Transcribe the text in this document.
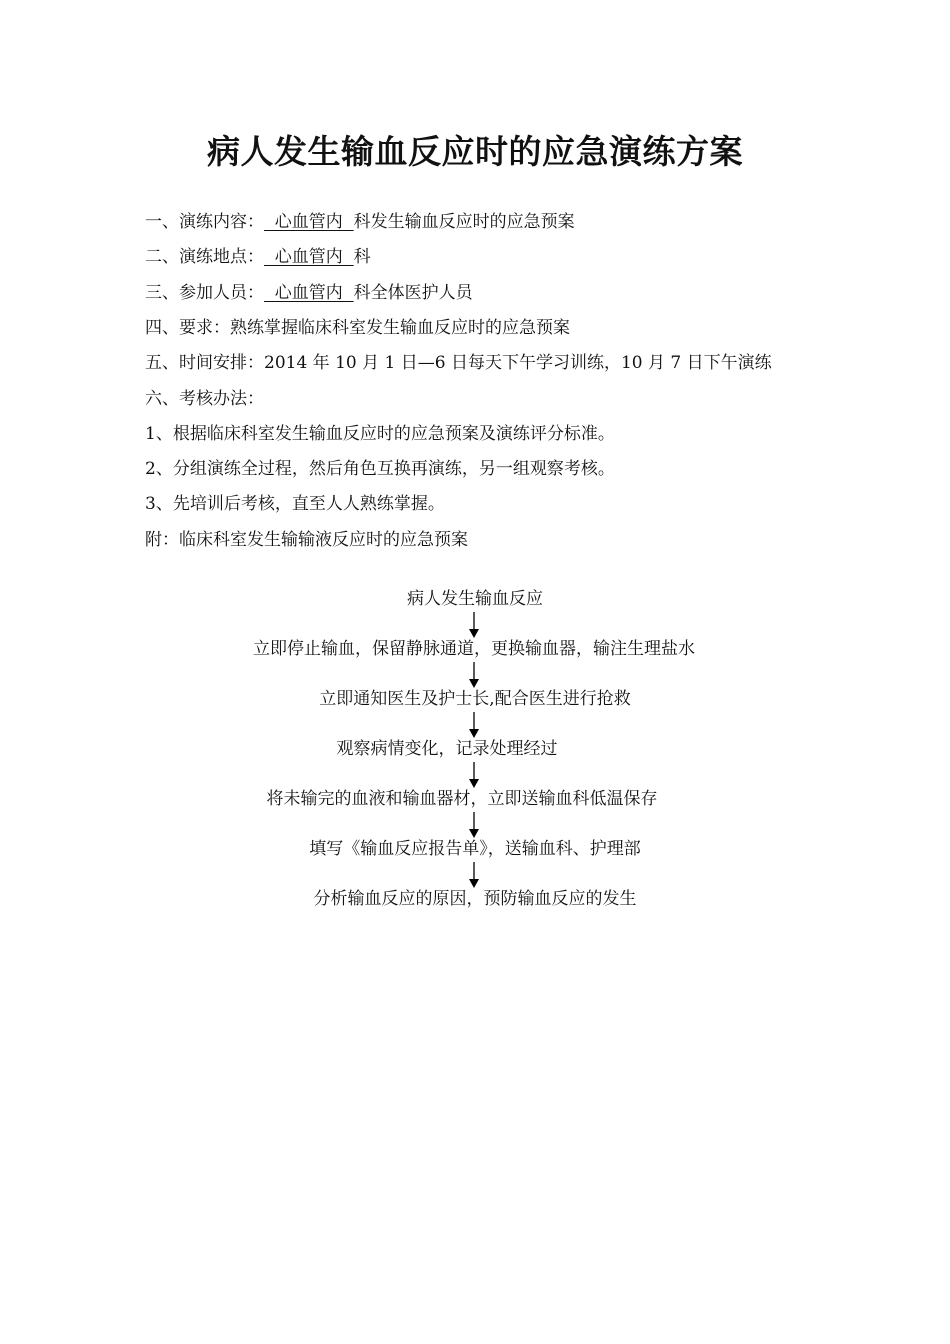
病人发生输血反应时的应急演练方案
一、演练内容：  心血管内  科发生输血反应时的应急预案
二、演练地点：  心血管内  科
三、参加人员：  心血管内  科全体医护人员
四、要求：熟练掌握临床科室发生输血反应时的应急预案
五、时间安排：2014 年 10 月 1 日—6 日每天下午学习训练，10 月 7 日下午演练
六、考核办法：
1、根据临床科室发生输血反应时的应急预案及演练评分标准。
2、分组演练全过程，然后角色互换再演练，另一组观察考核。
3、先培训后考核，直至人人熟练掌握。
附：临床科室发生输输液反应时的应急预案
病人发生输血反应
立即停止输血，保留静脉通道，更换输血器，输注生理盐水
立即通知医生及护士长,配合医生进行抢救
观察病情变化，记录处理经过
将未输完的血液和输血器材，立即送输血科低温保存
填写《输血反应报告单》，送输血科、护理部
分析输血反应的原因，预防输血反应的发生
